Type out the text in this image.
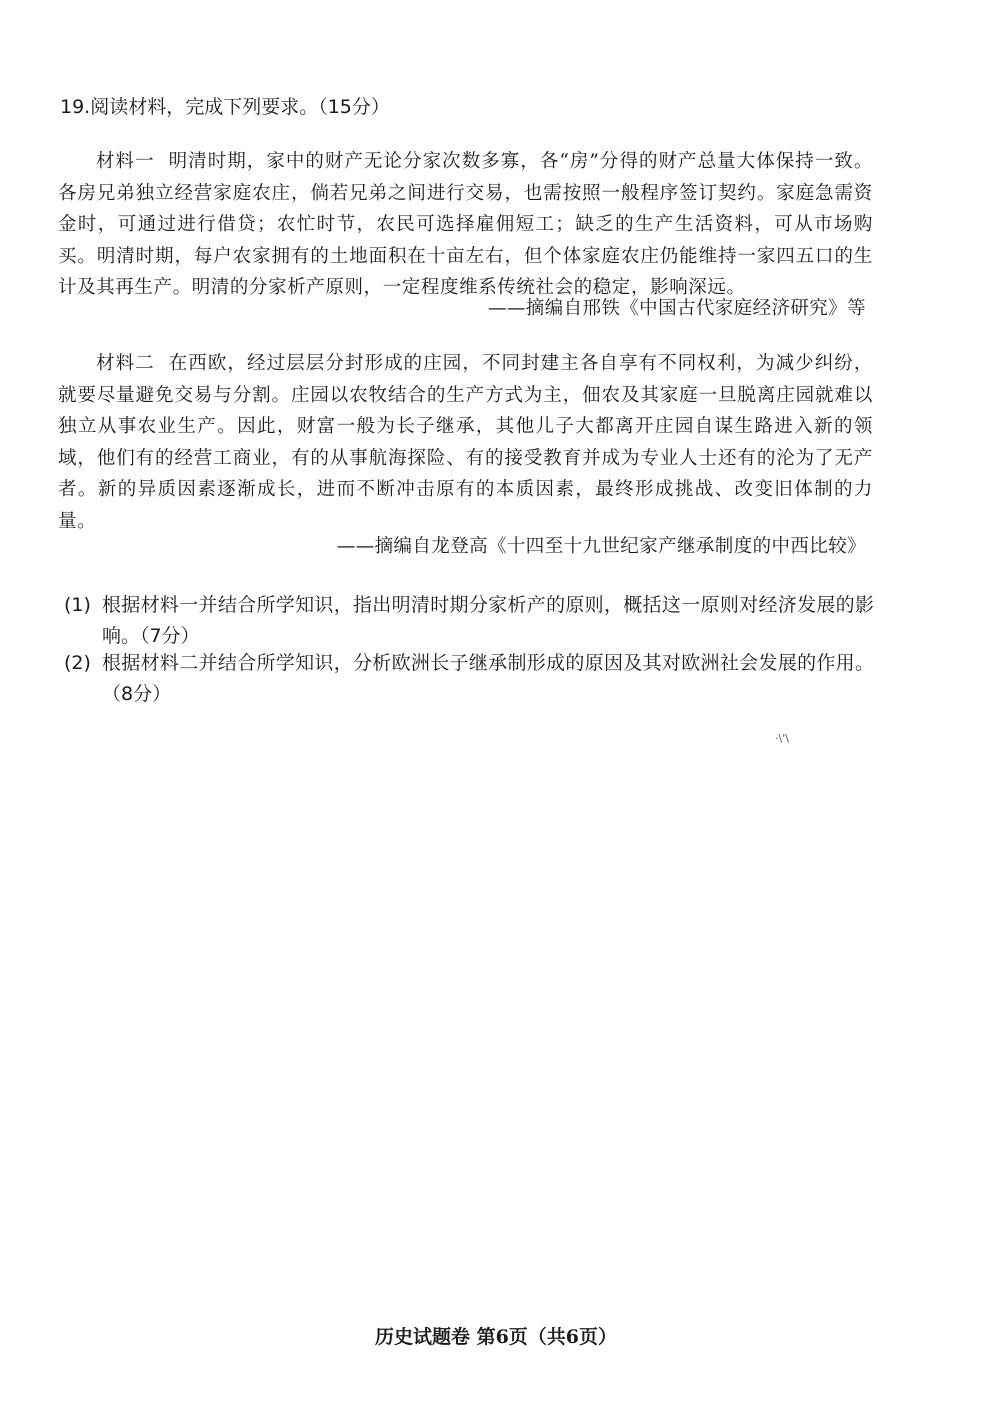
19.阅读材料，完成下列要求。（15分）

材料一 明清时期，家中的财产无论分家次数多寡，各“房”分得的财产总量大体保持一致。各房兄弟独立经营家庭农庄，倘若兄弟之间进行交易，也需按照一般程序签订契约。家庭急需资金时，可通过进行借贷；农忙时节，农民可选择雇佣短工；缺乏的生产生活资料，可从市场购买。明清时期，每户农家拥有的土地面积在十亩左右，但个体家庭农庄仍能维持一家四五口的生计及其再生产。明清的分家析产原则，一定程度维系传统社会的稳定，影响深远。

——摘编自邢铁《中国古代家庭经济研究》等

材料二 在西欧，经过层层分封形成的庄园，不同封建主各自享有不同权利，为减少纠纷，就要尽量避免交易与分割。庄园以农牧结合的生产方式为主，佃农及其家庭一旦脱离庄园就难以独立从事农业生产。因此，财富一般为长子继承，其他儿子大都离开庄园自谋生路进入新的领域，他们有的经营工商业，有的从事航海探险、有的接受教育并成为专业人士还有的沦为了无产者。新的异质因素逐渐成长，进而不断冲击原有的本质因素，最终形成挑战、改变旧体制的力量。

——摘编自龙登高《十四至十九世纪家产继承制度的中西比较》
(1) 根据材料一并结合所学知识，指出明清时期分家析产的原则，概括这一原则对经济发展的影响。（7分）
(2) 根据材料二并结合所学知识，分析欧洲长子继承制形成的原因及其对欧洲社会发展的作用。（8分）
·\'\
历史试题卷 第6页（共6页）
